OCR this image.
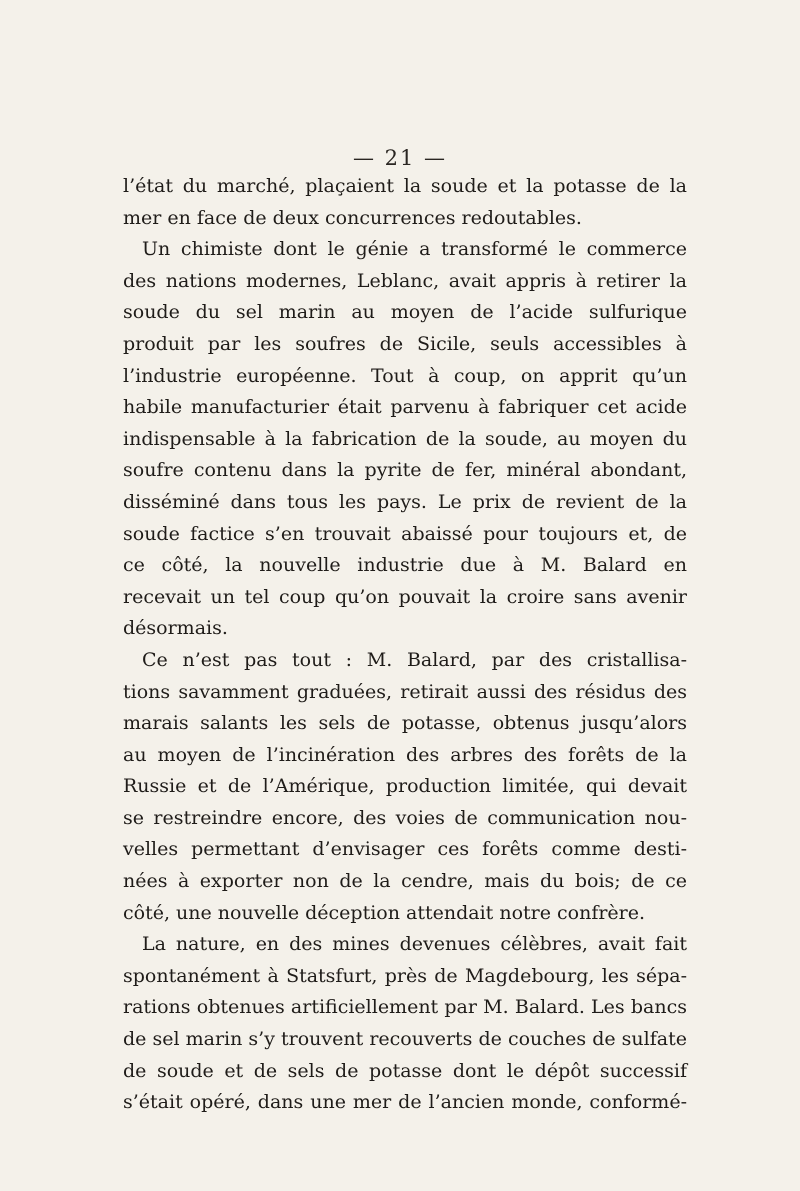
— 21 —
l’état du marché, plaçaient la soude et la potasse de la
mer en face de deux concurrences redoutables.
Un chimiste dont le génie a transformé le commerce
des nations modernes, Leblanc, avait appris à retirer la
soude du sel marin au moyen de l’acide sulfurique
produit par les soufres de Sicile, seuls accessibles à
l’industrie européenne. Tout à coup, on apprit qu’un
habile manufacturier était parvenu à fabriquer cet acide
indispensable à la fabrication de la soude, au moyen du
soufre contenu dans la pyrite de fer, minéral abondant,
disséminé dans tous les pays. Le prix de revient de la
soude factice s’en trouvait abaissé pour toujours et, de
ce côté, la nouvelle industrie due à M. Balard en
recevait un tel coup qu’on pouvait la croire sans avenir
désormais.
Ce n’est pas tout : M. Balard, par des cristallisa-
tions savamment graduées, retirait aussi des résidus des
marais salants les sels de potasse, obtenus jusqu’alors
au moyen de l’incinération des arbres des forêts de la
Russie et de l’Amérique, production limitée, qui devait
se restreindre encore, des voies de communication nou-
velles permettant d’envisager ces forêts comme desti-
nées à exporter non de la cendre, mais du bois; de ce
côté, une nouvelle déception attendait notre confrère.
La nature, en des mines devenues célèbres, avait fait
spontanément à Statsfurt, près de Magdebourg, les sépa-
rations obtenues artificiellement par M. Balard. Les bancs
de sel marin s’y trouvent recouverts de couches de sulfate
de soude et de sels de potasse dont le dépôt successif
s’était opéré, dans une mer de l’ancien monde, conformé-
